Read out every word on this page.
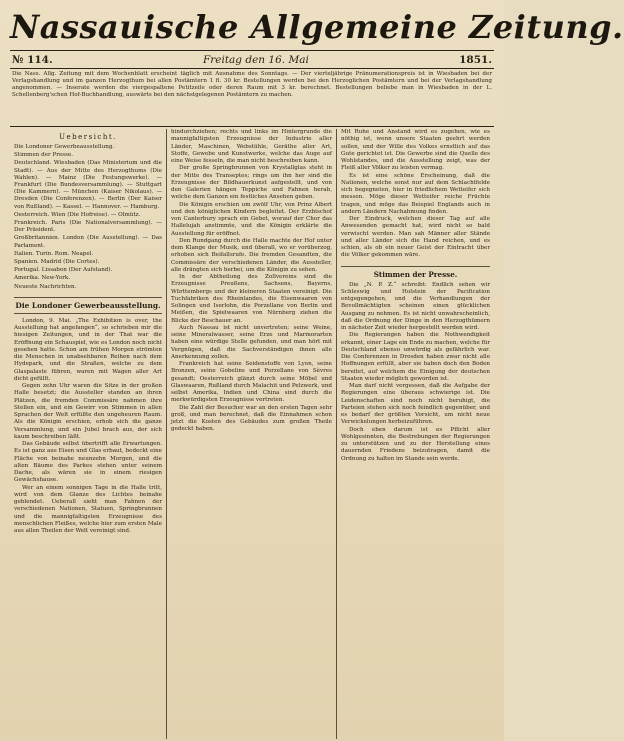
Nassauische Allgemeine Zeitung.
№ 114.	Freitag den 16. Mai	1851.
Die Nass. Allg. Zeitung mit dem Wochenblatt erscheint täglich mit Ausnahme des Sonntags. — Der vierteljährige Pränumerationspreis ist in Wiesbaden bei der Verlagshandlung und im ganzen Herzogthum bei allen Postämtern 1 fl. 30 kr. Bestellungen werden bei den Herzoglichen Postämtern und bei der Verlagshandlung angenommen. — Inserate werden die viergespaltene Petitzeile oder deren Raum mit 3 kr. berechnet. Bestellungen beliebe man in Wiesbaden in der L. Schellenberg'schen Hof-Buchhandlung, auswärts bei den nächstgelegenen Postämtern zu machen.
Uebersicht.

Die Londoner Gewerbeausstellung.

Stimmen der Presse.

Deutschland. Wiesbaden (Das Ministerium und die Stadt). — Aus der Mitte des Herzogthums (Die Wahlen). — Mainz (Die Festungswerke). — Frankfurt (Die Bundesversammlung). — Stuttgart (Die Kammern). — München (Kaiser Nikolaus). — Dresden (Die Conferenzen). — Berlin (Der Kaiser von Rußland). — Kassel. — Hannover. — Hamburg.

Oesterreich. Wien (Die Hofreise). — Olmütz.

Frankreich. Paris (Die Nationalversammlung). — Der Präsident.

Großbritannien. London (Die Ausstellung). — Das Parlament.

Italien. Turin. Rom. Neapel.

Spanien. Madrid (Die Cortes).

Portugal. Lissabon (Der Aufstand).

Amerika. New-York.

Neueste Nachrichten.

Die Londoner Gewerbeausstellung.

London, 9. Mai. „The Exhibition is over, the Ausstellung hat angefangen“, so schrieben mir die hiesigen Zeitungen, und in der That war die Eröffnung ein Schauspiel, wie es London noch nicht gesehen hatte. Schon am frühen Morgen strömten die Menschen in unabsehbaren Reihen nach dem Hydepark, und die Straßen, welche zu dem Glaspalaste führen, waren mit Wagen aller Art dicht gefüllt.

Gegen zehn Uhr waren die Sitze in der großen Halle besetzt; die Aussteller standen an ihren Plätzen, die fremden Commissäre nahmen ihre Stellen ein, und ein Gewirr von Stimmen in allen Sprachen der Welt erfüllte den ungeheuren Raum. Als die Königin erschien, erhob sich die ganze Versammlung, und ein Jubel brach aus, der sich kaum beschreiben läßt.

Das Gebäude selbst übertrifft alle Erwartungen. Es ist ganz aus Eisen und Glas erbaut, bedeckt eine Fläche von beinahe neunzehn Morgen, und die alten Bäume des Parkes stehen unter seinem Dache, als wären sie in einem riesigen Gewächshause.

Wer an einem sonnigen Tage in die Halle tritt, wird von dem Glanze des Lichtes beinahe geblendet. Ueberall sieht man Fahnen der verschiedenen Nationen, Statuen, Springbrunnen und die mannigfaltigsten Erzeugnisse des menschlichen Fleißes, welche hier zum ersten Male aus allen Theilen der Welt vereinigt sind.

hindurchziehen; rechts und links im Hintergrunde die mannigfaltigsten Erzeugnisse der Industrie aller Länder, Maschinen, Webstühle, Geräthe aller Art, Stoffe, Gewebe und Kunstwerke, welche das Auge auf eine Weise fesseln, die man nicht beschreiben kann.

Der große Springbrunnen von Krystallglas steht in der Mitte des Transeptes; rings um ihn her sind die Erzeugnisse der Bildhauerkunst aufgestellt, und von den Galerien hängen Teppiche und Fahnen herab, welche dem Ganzen ein festliches Ansehen geben.

Die Königin erschien um zwölf Uhr, von Prinz Albert und den königlichen Kindern begleitet. Der Erzbischof von Canterbury sprach ein Gebet, worauf der Chor das Hallelujah anstimmte, und die Königin erklärte die Ausstellung für eröffnet.

Den Rundgang durch die Halle machte der Hof unter dem Klange der Musik, und überall, wo er vorüberzog, erhoben sich Beifallsrufe. Die fremden Gesandten, die Commissäre der verschiedenen Länder, die Aussteller, alle drängten sich herbei, um die Königin zu sehen.

In der Abtheilung des Zollvereins sind die Erzeugnisse Preußens, Sachsens, Bayerns, Württembergs und der kleineren Staaten vereinigt. Die Tuchfabriken des Rheinlandes, die Eisenwaaren von Solingen und Iserlohn, die Porzellane von Berlin und Meißen, die Spielwaaren von Nürnberg ziehen die Blicke der Beschauer an.

Auch Nassau ist nicht unvertreten; seine Weine, seine Mineralwasser, seine Erze und Marmorarten haben eine würdige Stelle gefunden, und man hört mit Vergnügen, daß die Sachverständigen ihnen alle Anerkennung zollen.

Frankreich hat seine Seidenstoffe von Lyon, seine Bronzen, seine Gobelins und Porzellane von Sèvres gesandt; Oesterreich glänzt durch seine Möbel und Glaswaaren, Rußland durch Malachit und Pelzwerk, und selbst Amerika, Indien und China sind durch die merkwürdigsten Erzeugnisse vertreten.

Die Zahl der Besucher war an den ersten Tagen sehr groß, und man berechnet, daß die Einnahmen schon jetzt die Kosten des Gebäudes zum großen Theile gedeckt haben.

Mit Ruhe und Anstand wird es zugehen, wie es nöthig ist, wenn unsere Staaten geehrt werden sollen, und der Wille des Volkes ernstlich auf das Gute gerichtet ist. Die Gewerbe sind die Quelle des Wohlstandes, und die Ausstellung zeigt, was der Fleiß aller Völker zu leisten vermag.

Es ist eine schöne Erscheinung, daß die Nationen, welche sonst nur auf dem Schlachtfelde sich begegneten, hier in friedlichem Wetteifer sich messen. Möge dieser Wetteifer reiche Früchte tragen, und möge das Beispiel Englands auch in andern Ländern Nachahmung finden.

Der Eindruck, welchen dieser Tag auf alle Anwesenden gemacht hat, wird nicht so bald verwischt werden. Man sah Männer aller Stände und aller Länder sich die Hand reichen, und es schien, als ob ein neuer Geist der Eintracht über die Völker gekommen wäre.

Stimmen der Presse.

Die „N. P. Z.“ schreibt: Endlich sehen wir Schleswig und Holstein der Pacification entgegengehen, und die Verhandlungen der Bevollmächtigten scheinen einen glücklichen Ausgang zu nehmen. Es ist nicht unwahrscheinlich, daß die Ordnung der Dinge in den Herzogthümern in nächster Zeit wieder hergestellt werden wird.

Die Regierungen haben die Nothwendigkeit erkannt, einer Lage ein Ende zu machen, welche für Deutschland ebenso unwürdig als gefährlich war. Die Conferenzen in Dresden haben zwar nicht alle Hoffnungen erfüllt, aber sie haben doch den Boden bereitet, auf welchem die Einigung der deutschen Staaten wieder möglich geworden ist.

Man darf nicht vergessen, daß die Aufgabe der Regierungen eine überaus schwierige ist. Die Leidenschaften sind noch nicht beruhigt, die Parteien stehen sich noch feindlich gegenüber, und es bedarf der größten Vorsicht, um nicht neue Verwickelungen herbeizuführen.

Doch eben darum ist es Pflicht aller Wohlgesinnten, die Bestrebungen der Regierungen zu unterstützen und zu der Herstellung eines dauernden Friedens beizutragen, damit die Ordnung zu halten im Stande sein werde.
